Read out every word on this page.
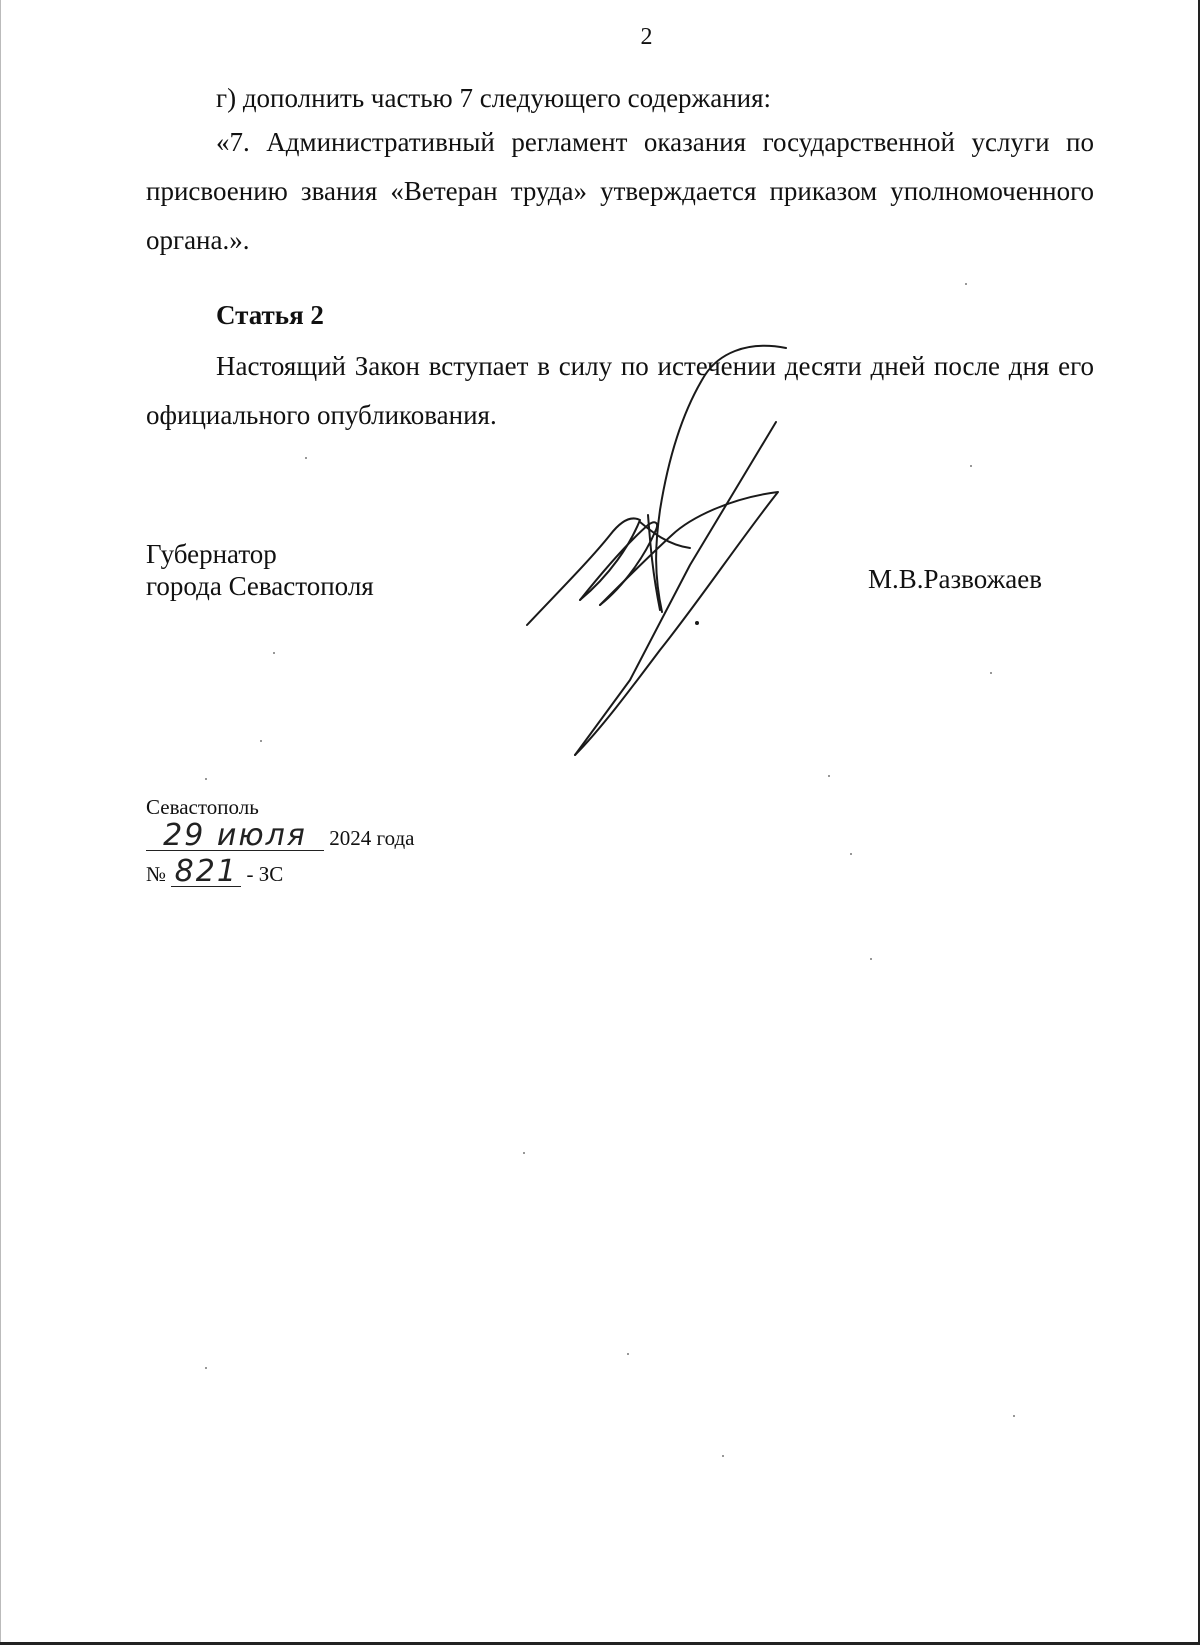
2

г) дополнить частью 7 следующего содержания:

«7. Административный регламент оказания государственной услуги по присвоению звания «Ветеран труда» утверждается приказом уполномоченного органа.».

Статья 2

Настоящий Закон вступает в силу по истечении десяти дней после дня его официального опубликования.

Губернатор
города Севастополя	М.В.Развожаев
Севастополь
29 июля 2024 года
№ 821 - ЗС
